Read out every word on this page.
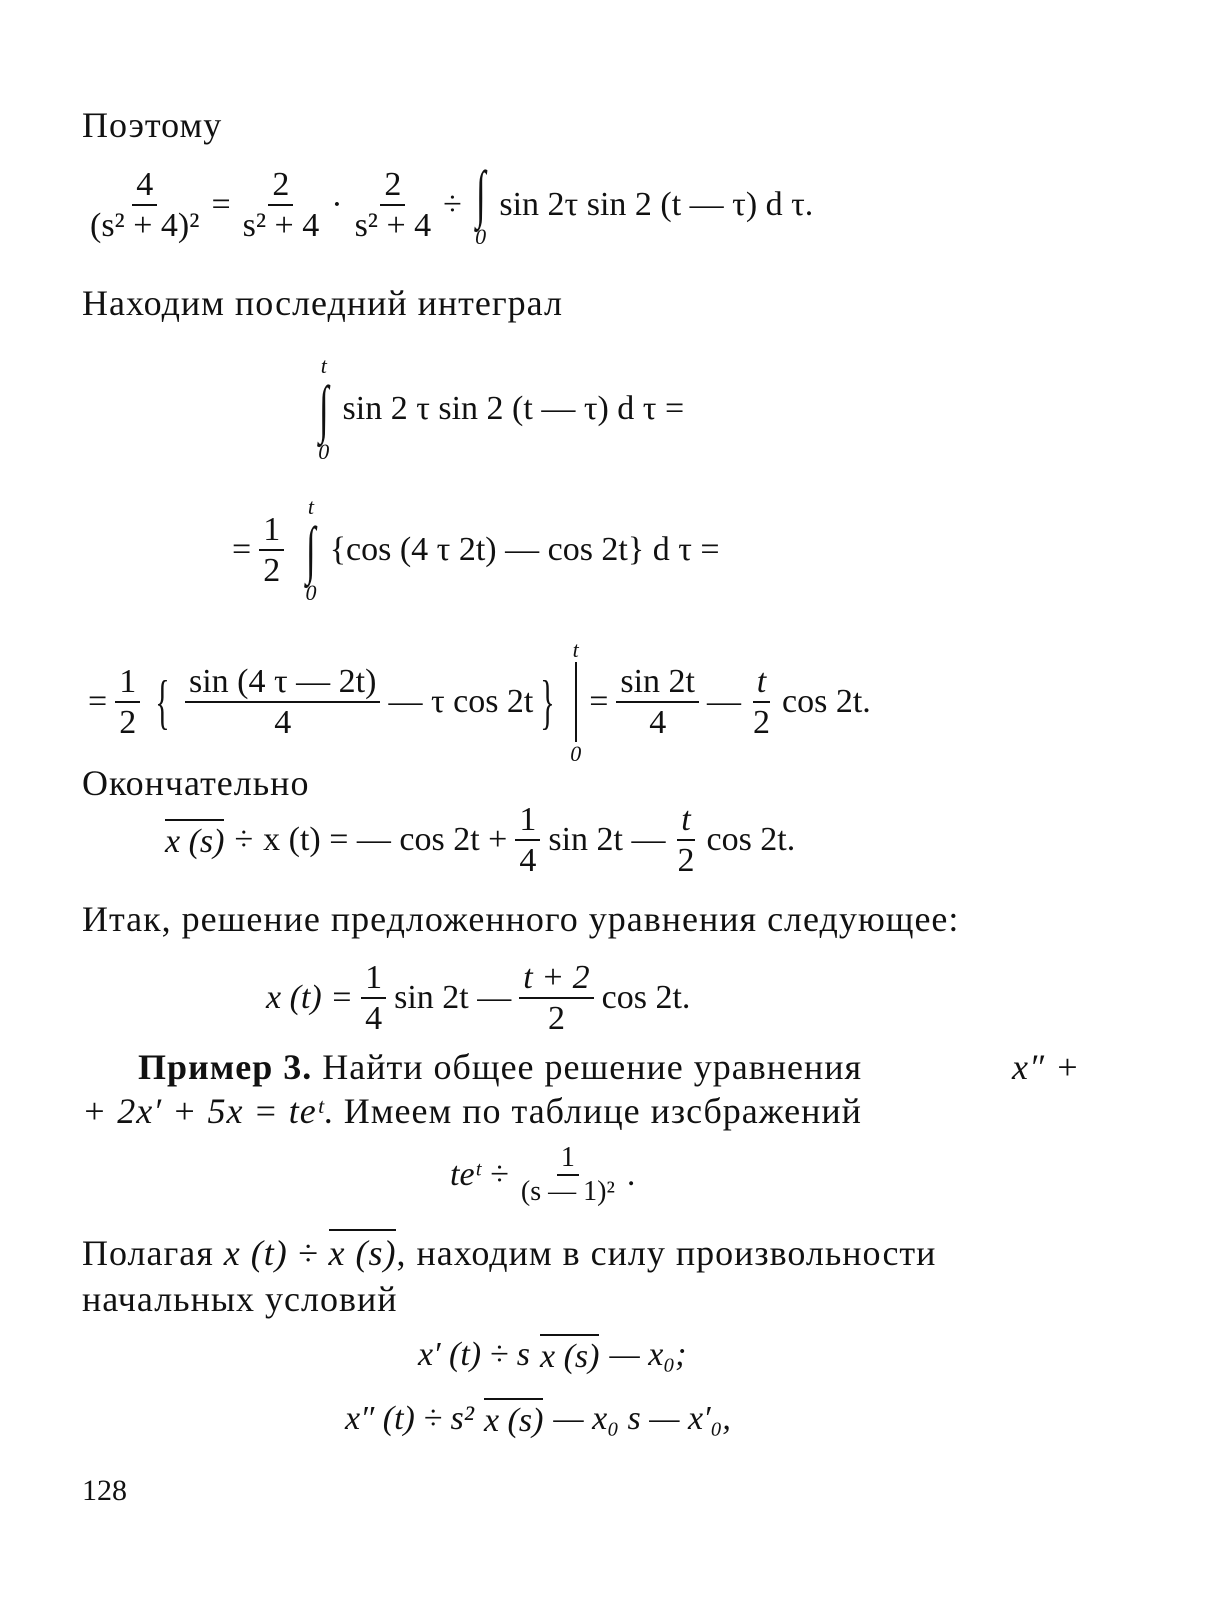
Поэтому
$\frac{4}{\text{(s² + 4)²}} = \frac{2}{\text{s² + 4}} \cdot \frac{2}{\text{s² + 4}}$ ÷ ∫
0
sin 2τ sin 2 (t — τ) d τ.
Находим последний интеграл
t
∫
0
sin 2 τ sin 2 (t — τ) d τ =
= $\frac{1}{2}$
t
∫
0
{cos (4 τ 2t) — cos 2t} d τ =
= $\frac{1}{2}$ { $\frac{\sin (4 \tau — 2t)}{4}$ — τ cos 2t }
t
0
= $\frac{\sin 2t}{4}$ — $\frac{t}{2}$ cos 2t.
Окончательно
x (s) ÷ x (t) = — $\cos 2t + \frac{1}{4}$ sin 2t — $\frac{t}{2}$ cos 2t.
Итак, решение предложенного уравнения следующее:
x $(t) = \frac{1}{4}$ sin 2t — $\frac{t + 2}{2}$ cos 2t.
Пример 3. Найти общее решение уравнения	x″ +
+ 2x′ + 5x = teᵗ. Имеем по таблице изсбражений
teᵗ ÷ $\frac{1}{\text{(s — 1)²}}$ .
Полагая x (t) ÷ x (s), находим в силу произвольности
начальных условий
x′ (t) ÷ s x (s) — x₀;
x″ (t) ÷ s² x (s) — x₀ s — x′₀,
128
